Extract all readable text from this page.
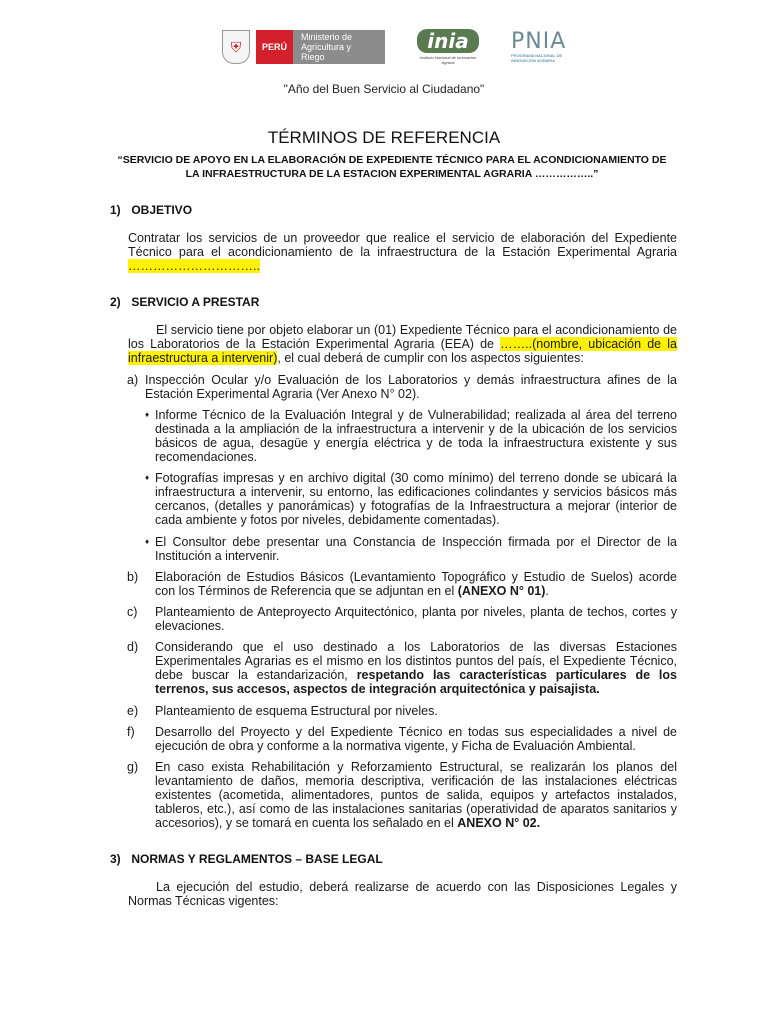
⛨	PERÚ
Ministerio de Agricultura y Riego
inia
Instituto Nacional de Innovación Agraria
PNIA
PROGRAMA NACIONAL DE INNOVACIÓN AGRARIA
"Año del Buen Servicio al Ciudadano"
TÉRMINOS DE REFERENCIA
“SERVICIO DE APOYO EN LA ELABORACIÓN DE EXPEDIENTE TÉCNICO PARA EL ACONDICIONAMIENTO DE LA INFRAESTRUCTURA DE LA ESTACION EXPERIMENTAL AGRARIA ……………..”
1) OBJETIVO
Contratar los servicios de un proveedor que realice el servicio de elaboración del Expediente Técnico para el acondicionamiento de la infraestructura de la Estación Experimental Agraria …………………………..
2) SERVICIO A PRESTAR
El servicio tiene por objeto elaborar un (01) Expediente Técnico para el acondicionamiento de los Laboratorios de la Estación Experimental Agraria (EEA) de ……..(nombre, ubicación de la infraestructura a intervenir), el cual deberá de cumplir con los aspectos siguientes:
a) Inspección Ocular y/o Evaluación de los Laboratorios y demás infraestructura afines de la Estación Experimental Agraria (Ver Anexo N° 02).
♦ Informe Técnico de la Evaluación Integral y de Vulnerabilidad; realizada al área del terreno destinada a la ampliación de la infraestructura a intervenir y de la ubicación de los servicios básicos de agua, desagüe y energía eléctrica y de toda la infraestructura existente y sus recomendaciones.
♦ Fotografías impresas y en archivo digital (30 como mínimo) del terreno donde se ubicará la infraestructura a intervenir, su entorno, las edificaciones colindantes y servicios básicos más cercanos, (detalles y panorámicas) y fotografías de la Infraestructura a mejorar (interior de cada ambiente y fotos por niveles, debidamente comentadas).
♦ El Consultor debe presentar una Constancia de Inspección firmada por el Director de la Institución a intervenir.
b)	Elaboración de Estudios Básicos (Levantamiento Topográfico y Estudio de Suelos) acorde con los Términos de Referencia que se adjuntan en el (ANEXO N° 01).
c)	Planteamiento de Anteproyecto Arquitectónico, planta por niveles, planta de techos, cortes y elevaciones.
d)	Considerando que el uso destinado a los Laboratorios de las diversas Estaciones Experimentales Agrarias es el mismo en los distintos puntos del país, el Expediente Técnico, debe buscar la estandarización, respetando las características particulares de los terrenos, sus accesos, aspectos de integración arquitectónica y paisajista.
e)	Planteamiento de esquema Estructural por niveles.
f)	Desarrollo del Proyecto y del Expediente Técnico en todas sus especialidades a nivel de ejecución de obra y conforme a la normativa vigente, y Ficha de Evaluación Ambiental.
g)	En caso exista Rehabilitación y Reforzamiento Estructural, se realizarán los planos del levantamiento de daños, memoria descriptiva, verificación de las instalaciones eléctricas existentes (acometida, alimentadores, puntos de salida, equipos y artefactos instalados, tableros, etc.), así como de las instalaciones sanitarias (operatividad de aparatos sanitarios y accesorios), y se tomará en cuenta los señalado en el ANEXO N° 02.
3) NORMAS Y REGLAMENTOS – BASE LEGAL
La ejecución del estudio, deberá realizarse de acuerdo con las Disposiciones Legales y Normas Técnicas vigentes:
